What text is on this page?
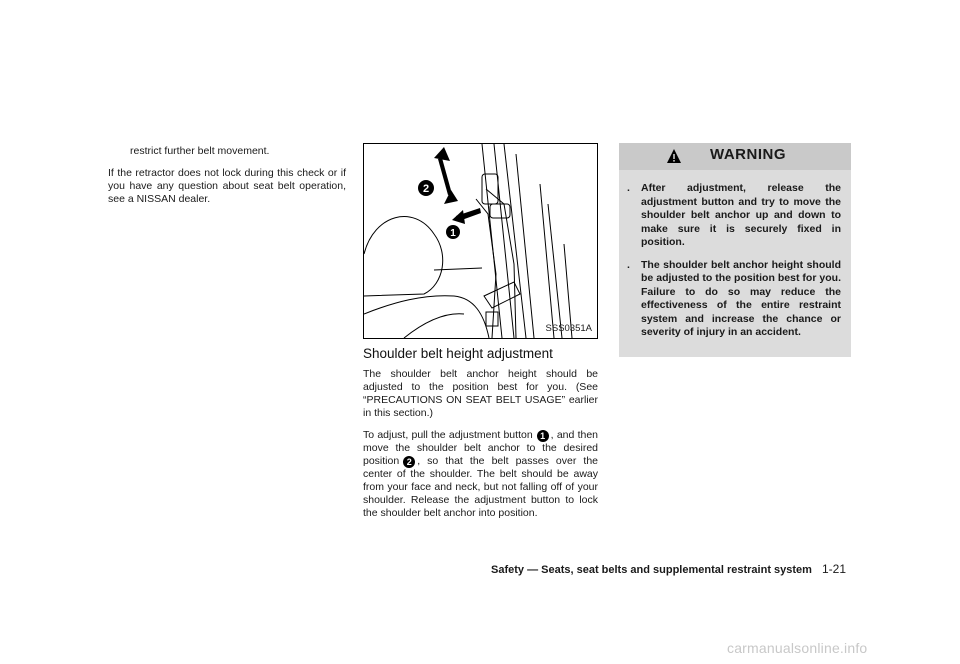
restrict further belt movement.

If the retractor does not lock during this check or if you have any question about seat belt operation, see a NISSAN dealer.

2
1
SSS0351A
Shoulder belt height adjustment

The shoulder belt anchor height should be adjusted to the position best for you. (See “PRECAUTIONS ON SEAT BELT USAGE” earlier in this section.)

To adjust, pull the adjustment button 1 , and then move the shoulder belt anchor to the desired position 2 , so that the belt passes over the center of the shoulder. The belt should be away from your face and neck, but not falling off of your shoulder. Release the adjustment button to lock the shoulder belt anchor into position.

WARNING
.	After adjustment, release the adjustment button and try to move the shoulder belt anchor up and down to make sure it is securely fixed in position.
.	The shoulder belt anchor height should be adjusted to the position best for you. Failure to do so may reduce the effectiveness of the entire restraint system and increase the chance or severity of injury in an accident.
Safety — Seats, seat belts and supplemental restraint system 1-21
carmanualsonline.info
